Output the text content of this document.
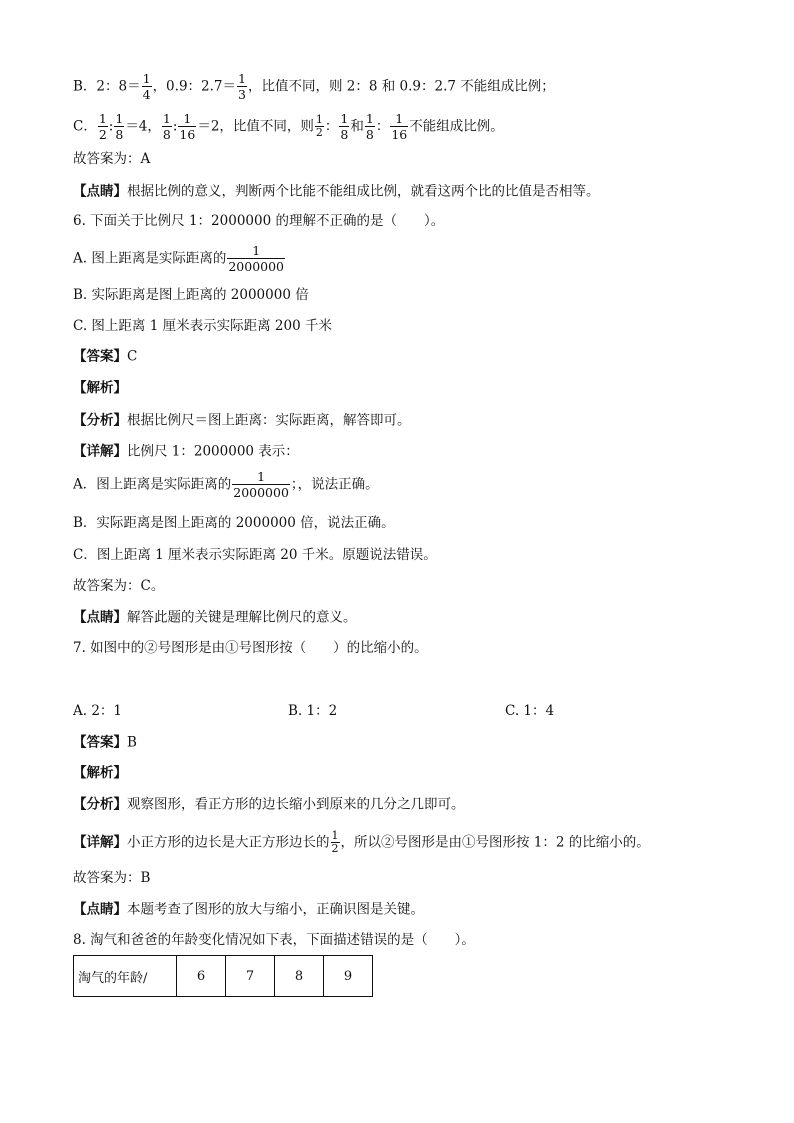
B．2：$8= \frac{1}{4}$ ，0.9：$2.7= \frac{1}{3}$ ，比值不同，则 2：8 和 0.9：2.7 不能组成比例；
C． $\frac{1}{2}$ : $\frac{1}{8} =4$， $\frac{1}{8}$ : $\frac{1}{16} =2$，比值不同，则 $\frac{1}{2}$ ： $\frac{1}{8}$ 和 $\frac{1}{8}$ ： $\frac{1}{16}$ 不能组成比例。
故答案为：A
【点睛】根据比例的意义，判断两个比能不能组成比例，就看这两个比的比值是否相等。
6. 下面关于比例尺 1：2000000 的理解不正确的是（　　）。
A. 图上距离是实际距离的 $\frac{1}{2000000}$
B. 实际距离是图上距离的 2000000 倍
C. 图上距离 1 厘米表示实际距离 200 千米
【答案】C
【解析】
【分析】根据比例尺＝图上距离：实际距离，解答即可。
【详解】比例尺 1：2000000 表示：
A．图上距离是实际距离的 $\frac{1}{2000000}$ ；，说法正确。
B．实际距离是图上距离的 2000000 倍，说法正确。
C．图上距离 1 厘米表示实际距离 20 千米。原题说法错误。
故答案为：C。
【点睛】解答此题的关键是理解比例尺的意义。
7. 如图中的②号图形是由①号图形按（　　）的比缩小的。
A. 2：1	B. 1：2	C. 1：4
【答案】B
【解析】
【分析】观察图形，看正方形的边长缩小到原来的几分之几即可。
【详解】小正方形的边长是大正方形边长的 $\frac{1}{2}$ ，所以②号图形是由①号图形按 1：2 的比缩小的。
故答案为：B
【点睛】本题考查了图形的放大与缩小，正确识图是关键。
8. 淘气和爸爸的年龄变化情况如下表，下面描述错误的是（　　）。
淘气的年龄/	6	7	8	9
